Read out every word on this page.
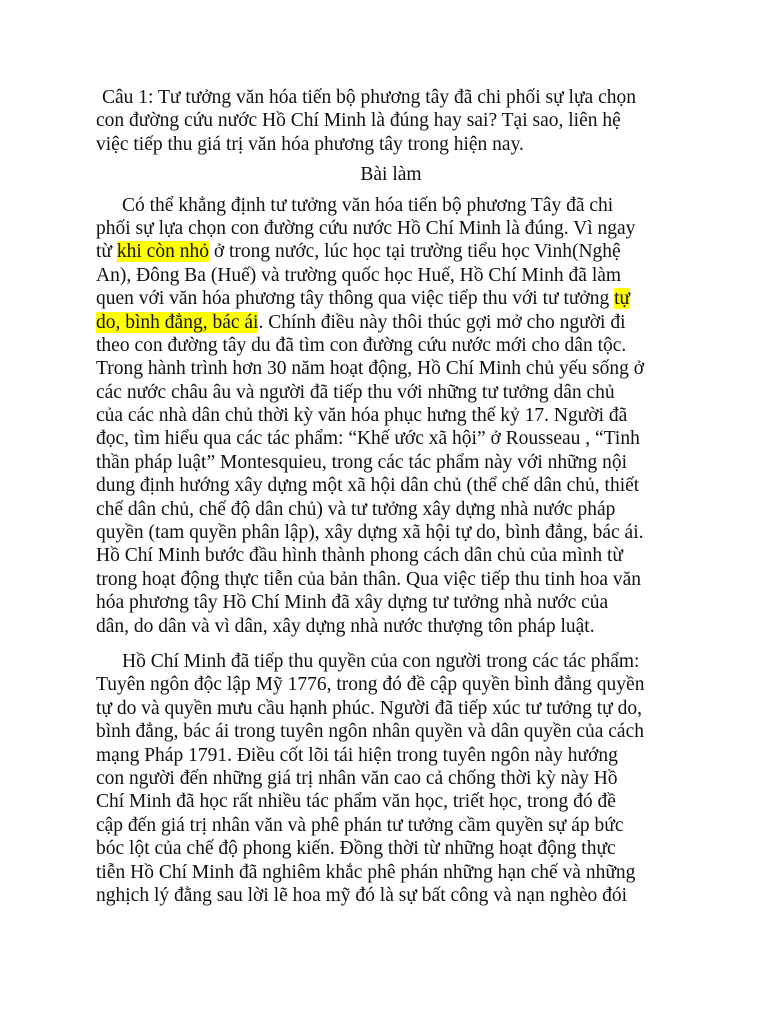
Câu 1: Tư tưởng văn hóa tiến bộ phương tây đã chi phối sự lựa chọn
con đường cứu nước Hồ Chí Minh là đúng hay sai? Tại sao, liên hệ
việc tiếp thu giá trị văn hóa phương tây trong hiện nay.
Bài làm
Có thể khẳng định tư tưởng văn hóa tiến bộ phương Tây đã chi
phối sự lựa chọn con đường cứu nước Hồ Chí Minh là đúng. Vì ngay
từ khi còn nhỏ ở trong nước, lúc học tại trường tiểu học Vinh(Nghệ
An), Đông Ba (Huế) và trường quốc học Huế, Hồ Chí Minh đã làm
quen với văn hóa phương tây thông qua việc tiếp thu với tư tưởng tự
do, bình đẳng, bác ái. Chính điều này thôi thúc gợi mở cho người đi
theo con đường tây du đã tìm con đường cứu nước mới cho dân tộc.
Trong hành trình hơn 30 năm hoạt động, Hồ Chí Minh chủ yếu sống ở
các nước châu âu và người đã tiếp thu với những tư tưởng dân chủ
của các nhà dân chủ thời kỳ văn hóa phục hưng thế kỷ 17. Người đã
đọc, tìm hiểu qua các tác phẩm: “Khế ước xã hội” ở Rousseau , “Tinh
thần pháp luật” Montesquieu, trong các tác phẩm này với những nội
dung định hướng xây dựng một xã hội dân chủ (thể chế dân chủ, thiết
chế dân chủ, chế độ dân chủ) và tư tưởng xây dựng nhà nước pháp
quyền (tam quyền phân lập), xây dựng xã hội tự do, bình đẳng, bác ái.
Hồ Chí Minh bước đầu hình thành phong cách dân chủ của mình từ
trong hoạt động thực tiễn của bản thân. Qua việc tiếp thu tinh hoa văn
hóa phương tây Hồ Chí Minh đã xây dựng tư tưởng nhà nước của
dân, do dân và vì dân, xây dựng nhà nước thượng tôn pháp luật.
Hồ Chí Minh đã tiếp thu quyền của con người trong các tác phẩm:
Tuyên ngôn độc lập Mỹ 1776, trong đó đề cập quyền bình đẳng quyền
tự do và quyền mưu cầu hạnh phúc. Người đã tiếp xúc tư tưởng tự do,
bình đẳng, bác ái trong tuyên ngôn nhân quyền và dân quyền của cách
mạng Pháp 1791. Điều cốt lõi tái hiện trong tuyên ngôn này hướng
con người đến những giá trị nhân văn cao cả chống thời kỳ này Hồ
Chí Minh đã học rất nhiều tác phẩm văn học, triết học, trong đó đề
cập đến giá trị nhân văn và phê phán tư tưởng cầm quyền sự áp bức
bóc lột của chế độ phong kiến. Đồng thời từ những hoạt động thực
tiễn Hồ Chí Minh đã nghiêm khắc phê phán những hạn chế và những
nghịch lý đằng sau lời lẽ hoa mỹ đó là sự bất công và nạn nghèo đói
